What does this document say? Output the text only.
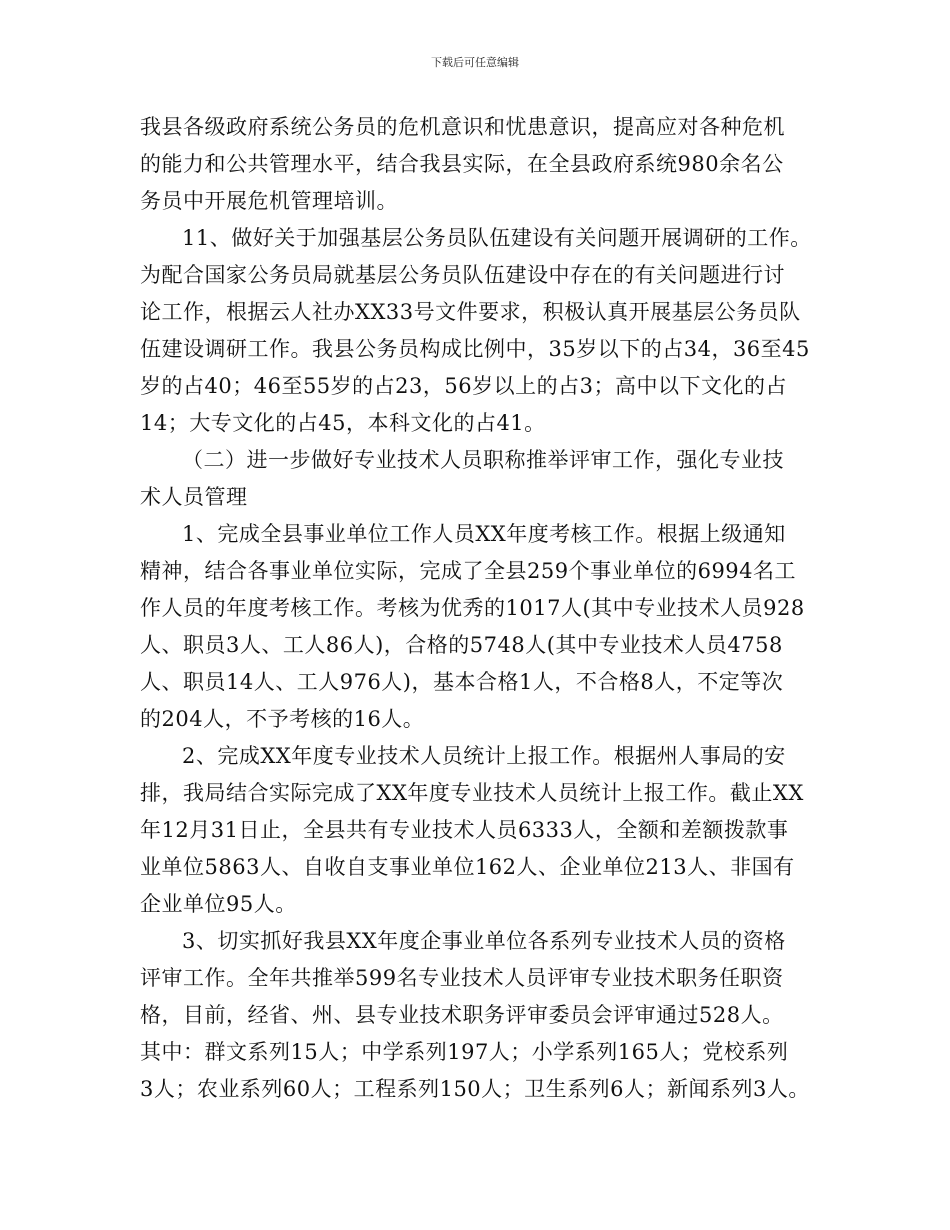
下载后可任意编辑
我县各级政府系统公务员的危机意识和忧患意识，提高应对各种危机
的能力和公共管理水平，结合我县实际，在全县政府系统980余名公
务员中开展危机管理培训。
11、做好关于加强基层公务员队伍建设有关问题开展调研的工作。
为配合国家公务员局就基层公务员队伍建设中存在的有关问题进行讨
论工作，根据云人社办XX33号文件要求，积极认真开展基层公务员队
伍建设调研工作。我县公务员构成比例中，35岁以下的占34，36至45
岁的占40；46至55岁的占23，56岁以上的占3；高中以下文化的占
14；大专文化的占45，本科文化的占41。
（二）进一步做好专业技术人员职称推举评审工作，强化专业技
术人员管理
1、完成全县事业单位工作人员XX年度考核工作。根据上级通知
精神，结合各事业单位实际，完成了全县259个事业单位的6994名工
作人员的年度考核工作。考核为优秀的1017人(其中专业技术人员928
人、职员3人、工人86人)，合格的5748人(其中专业技术人员4758
人、职员14人、工人976人)，基本合格1人，不合格8人，不定等次
的204人，不予考核的16人。
2、完成XX年度专业技术人员统计上报工作。根据州人事局的安
排，我局结合实际完成了XX年度专业技术人员统计上报工作。截止XX
年12月31日止，全县共有专业技术人员6333人，全额和差额拨款事
业单位5863人、自收自支事业单位162人、企业单位213人、非国有
企业单位95人。
3、切实抓好我县XX年度企事业单位各系列专业技术人员的资格
评审工作。全年共推举599名专业技术人员评审专业技术职务任职资
格，目前，经省、州、县专业技术职务评审委员会评审通过528人。
其中：群文系列15人；中学系列197人；小学系列165人；党校系列
3人；农业系列60人；工程系列150人；卫生系列6人；新闻系列3人。
